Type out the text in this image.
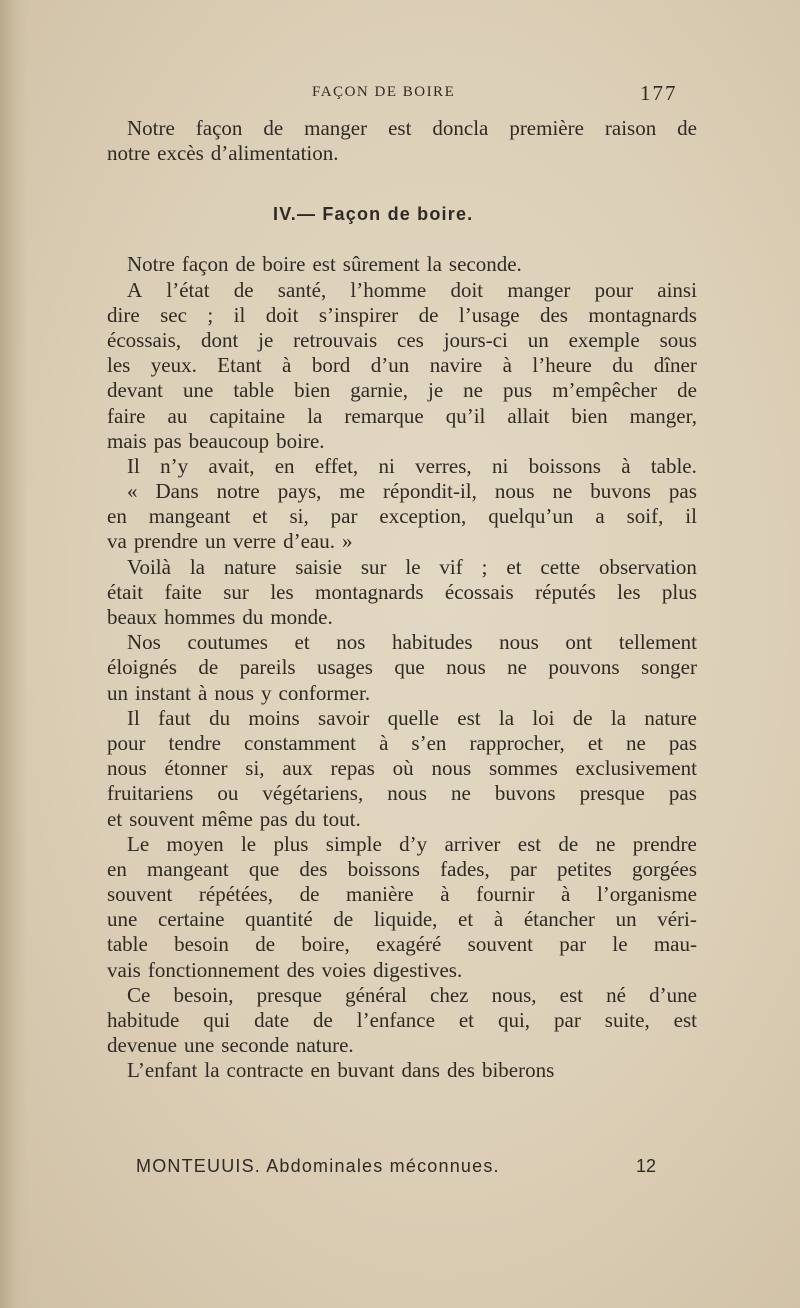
FAÇON DE BOIRE	177
Notre façon de manger est doncla première raison de
notre excès d’alimentation.
IV.— Façon de boire.
Notre façon de boire est sûrement la seconde.
A l’état de santé, l’homme doit manger pour ainsi
dire sec ; il doit s’inspirer de l’usage des montagnards
écossais, dont je retrouvais ces jours-ci un exemple sous
les yeux. Etant à bord d’un navire à l’heure du dîner
devant une table bien garnie, je ne pus m’empêcher de
faire au capitaine la remarque qu’il allait bien manger,
mais pas beaucoup boire.
Il n’y avait, en effet, ni verres, ni boissons à table.
« Dans notre pays, me répondit-il, nous ne buvons pas
en mangeant et si, par exception, quelqu’un a soif, il
va prendre un verre d’eau. »
Voilà la nature saisie sur le vif ; et cette observation
était faite sur les montagnards écossais réputés les plus
beaux hommes du monde.
Nos coutumes et nos habitudes nous ont tellement
éloignés de pareils usages que nous ne pouvons songer
un instant à nous y conformer.
Il faut du moins savoir quelle est la loi de la nature
pour tendre constamment à s’en rapprocher, et ne pas
nous étonner si, aux repas où nous sommes exclusivement
fruitariens ou végétariens, nous ne buvons presque pas
et souvent même pas du tout.
Le moyen le plus simple d’y arriver est de ne prendre
en mangeant que des boissons fades, par petites gorgées
souvent répétées, de manière à fournir à l’organisme
une certaine quantité de liquide, et à étancher un véri-
table besoin de boire, exagéré souvent par le mau-
vais fonctionnement des voies digestives.
Ce besoin, presque général chez nous, est né d’une
habitude qui date de l’enfance et qui, par suite, est
devenue une seconde nature.
L’enfant la contracte en buvant dans des biberons
MONTEUUIS. Abdominales méconnues.	12
